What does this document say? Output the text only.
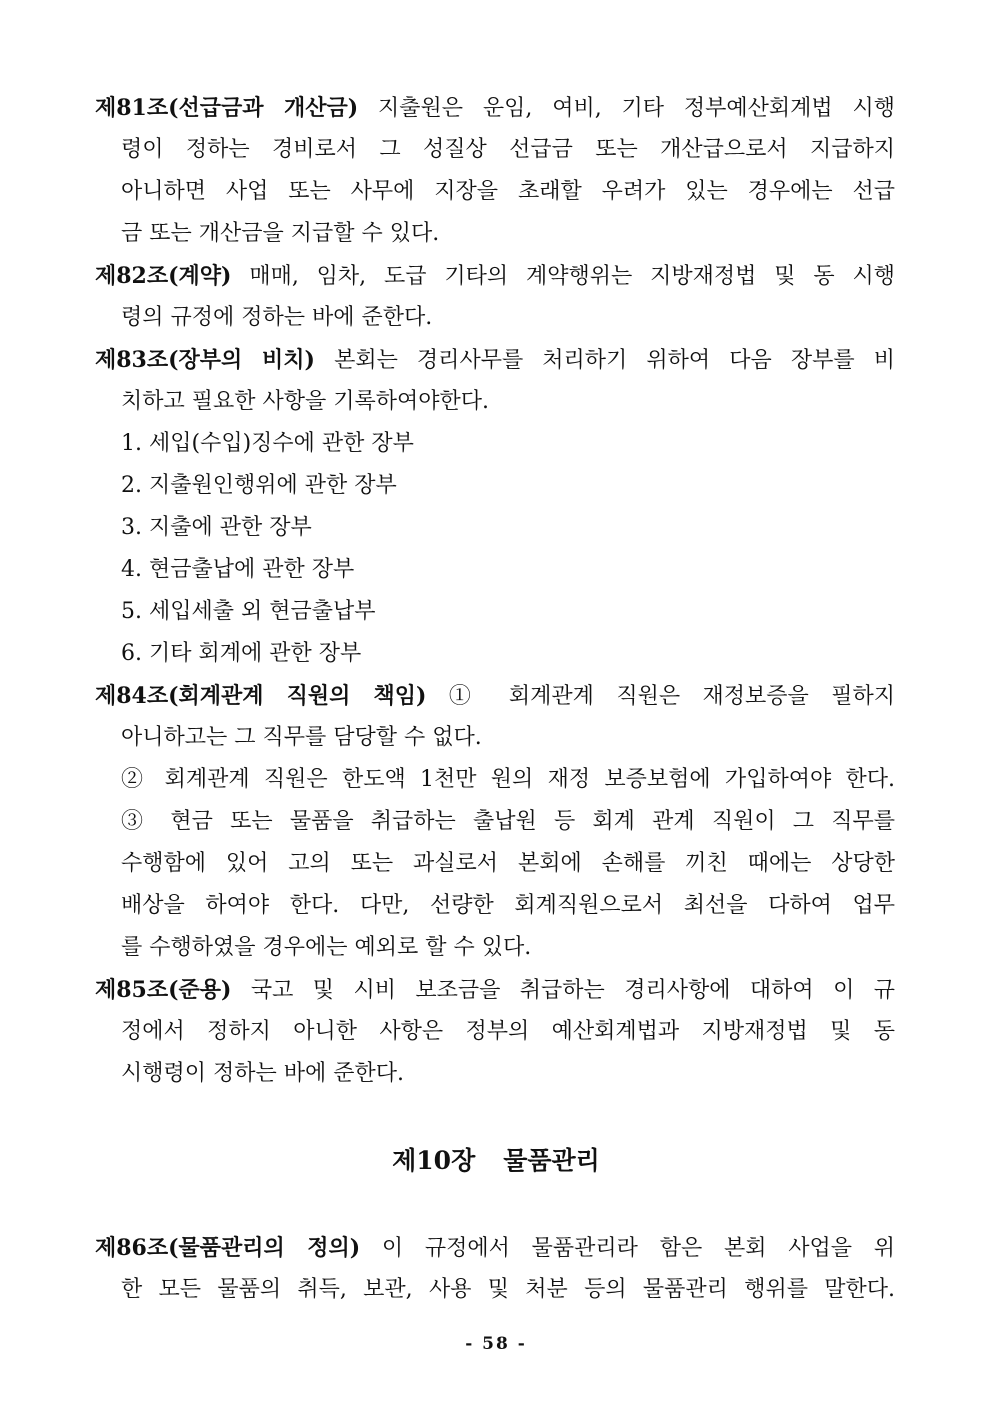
제81조(선급금과 개산금) 지출원은 운임, 여비, 기타 정부예산회계법 시행
령이 정하는 경비로서 그 성질상 선급금 또는 개산급으로서 지급하지
아니하면 사업 또는 사무에 지장을 초래할 우려가 있는 경우에는 선급
금 또는 개산금을 지급할 수 있다.
제82조(계약) 매매, 임차, 도급 기타의 계약행위는 지방재정법 및 동 시행
령의 규정에 정하는 바에 준한다.
제83조(장부의 비치) 본회는 경리사무를 처리하기 위하여 다음 장부를 비
치하고 필요한 사항을 기록하여야한다.
1. 세입(수입)징수에 관한 장부
2. 지출원인행위에 관한 장부
3. 지출에 관한 장부
4. 현금출납에 관한 장부
5. 세입세출 외 현금출납부
6. 기타 회계에 관한 장부
제84조(회계관계 직원의 책임) ① 회계관계 직원은 재정보증을 필하지
아니하고는 그 직무를 담당할 수 없다.
② 회계관계 직원은 한도액 1천만 원의 재정 보증보험에 가입하여야 한다.
③ 현금 또는 물품을 취급하는 출납원 등 회계 관계 직원이 그 직무를
수행함에 있어 고의 또는 과실로서 본회에 손해를 끼친 때에는 상당한
배상을 하여야 한다. 다만, 선량한 회계직원으로서 최선을 다하여 업무
를 수행하였을 경우에는 예외로 할 수 있다.
제85조(준용) 국고 및 시비 보조금을 취급하는 경리사항에 대하여 이 규
정에서 정하지 아니한 사항은 정부의 예산회계법과 지방재정법 및 동
시행령이 정하는 바에 준한다.
제10장 물품관리
제86조(물품관리의 정의) 이 규정에서 물품관리라 함은 본회 사업을 위
한 모든 물품의 취득, 보관, 사용 및 처분 등의 물품관리 행위를 말한다.
- 58 -
